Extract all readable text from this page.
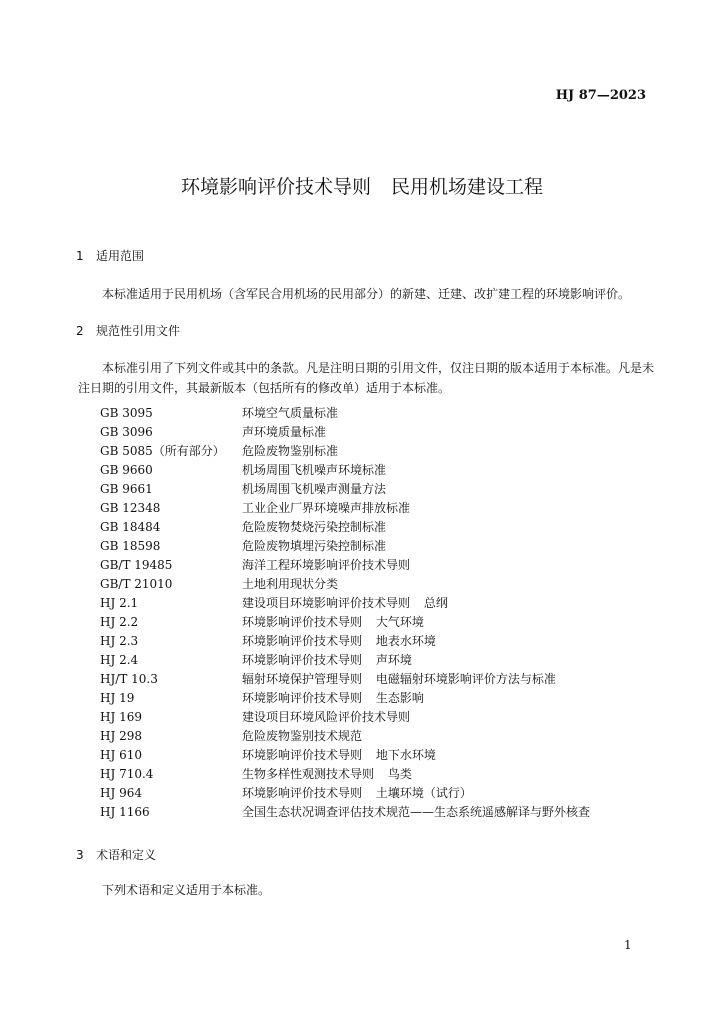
HJ 87—2023
环境影响评价技术导则 民用机场建设工程
1 适用范围
本标准适用于民用机场（含军民合用机场的民用部分）的新建、迁建、改扩建工程的环境影响评价。
2 规范性引用文件
本标准引用了下列文件或其中的条款。凡是注明日期的引用文件，仅注日期的版本适用于本标准。凡是未注日期的引用文件，其最新版本（包括所有的修改单）适用于本标准。
GB 3095	环境空气质量标准
GB 3096	声环境质量标准
GB 5085（所有部分） 危险废物鉴别标准
GB 9660	机场周围飞机噪声环境标准
GB 9661	机场周围飞机噪声测量方法
GB 12348	工业企业厂界环境噪声排放标准
GB 18484	危险废物焚烧污染控制标准
GB 18598	危险废物填埋污染控制标准
GB/T 19485	海洋工程环境影响评价技术导则
GB/T 21010	土地利用现状分类
HJ 2.1	建设项目环境影响评价技术导则 总纲
HJ 2.2	环境影响评价技术导则 大气环境
HJ 2.3	环境影响评价技术导则 地表水环境
HJ 2.4	环境影响评价技术导则 声环境
HJ/T 10.3	辐射环境保护管理导则 电磁辐射环境影响评价方法与标准
HJ 19	环境影响评价技术导则 生态影响
HJ 169	建设项目环境风险评价技术导则
HJ 298	危险废物鉴别技术规范
HJ 610	环境影响评价技术导则 地下水环境
HJ 710.4	生物多样性观测技术导则 鸟类
HJ 964	环境影响评价技术导则 土壤环境（试行）
HJ 1166	全国生态状况调查评估技术规范——生态系统遥感解译与野外核查
3 术语和定义
下列术语和定义适用于本标准。
1
